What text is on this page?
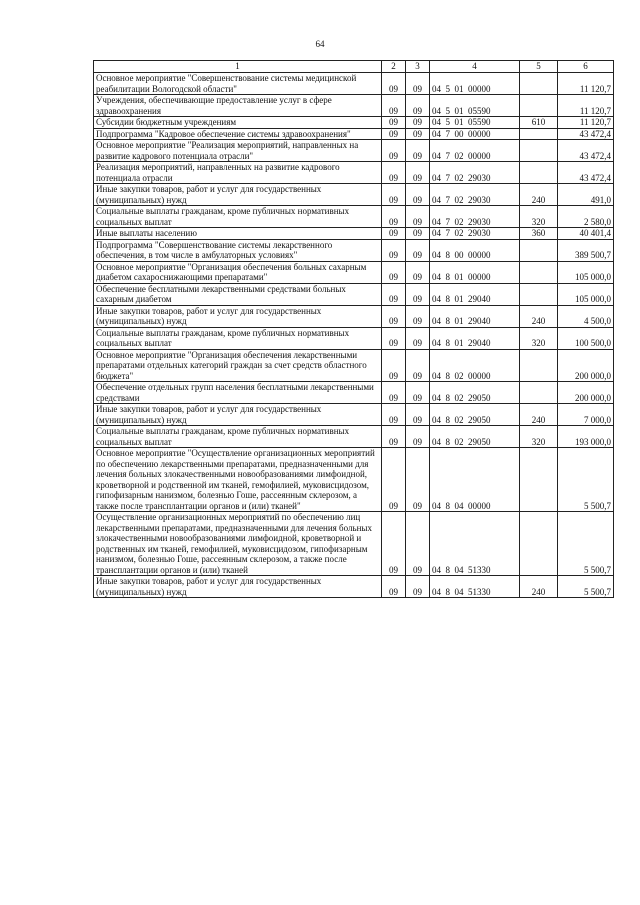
64
1	2	3	4	5	6
Основное мероприятие "Совершенствование системы медицинской реабилитации Вологодской области"	09	09	04  5  01  00000		11 120,7
Учреждения, обеспечивающие предоставление услуг в сфере здравоохранения	09	09	04  5  01  05590		11 120,7
Субсидии бюджетным учреждениям	09	09	04  5  01  05590	610	11 120,7
Подпрограмма "Кадровое обеспечение системы здравоохранения"	09	09	04  7  00  00000		43 472,4
Основное мероприятие "Реализация мероприятий, направленных на развитие кадрового потенциала отрасли"	09	09	04  7  02  00000		43 472,4
Реализация мероприятий, направленных на развитие кадрового потенциала отрасли	09	09	04  7  02  29030		43 472,4
Иные закупки товаров, работ и услуг для государственных (муниципальных) нужд	09	09	04  7  02  29030	240	491,0
Социальные выплаты гражданам, кроме публичных нормативных социальных выплат	09	09	04  7  02  29030	320	2 580,0
Иные выплаты населению	09	09	04  7  02  29030	360	40 401,4
Подпрограмма "Совершенствование системы лекарственного обеспечения, в том числе в амбулаторных условиях"	09	09	04  8  00  00000		389 500,7
Основное мероприятие "Организация обеспечения больных сахарным диабетом сахароснижающими препаратами"	09	09	04  8  01  00000		105 000,0
Обеспечение бесплатными лекарственными средствами больных сахарным диабетом	09	09	04  8  01  29040		105 000,0
Иные закупки товаров, работ и услуг для государственных (муниципальных) нужд	09	09	04  8  01  29040	240	4 500,0
Социальные выплаты гражданам, кроме публичных нормативных социальных выплат	09	09	04  8  01  29040	320	100 500,0
Основное мероприятие "Организация обеспечения лекарственными препаратами отдельных категорий граждан за счет средств областного бюджета"	09	09	04  8  02  00000		200 000,0
Обеспечение отдельных групп населения бесплатными лекарственными средствами	09	09	04  8  02  29050		200 000,0
Иные закупки товаров, работ и услуг для государственных (муниципальных) нужд	09	09	04  8  02  29050	240	7 000,0
Социальные выплаты гражданам, кроме публичных нормативных социальных выплат	09	09	04  8  02  29050	320	193 000,0
Основное мероприятие "Осуществление организационных мероприятий по обеспечению лекарственными препаратами, предназначенными для лечения больных злокачественными новообразованиями лимфоидной, кроветворной и родственной им тканей, гемофилией, муковисцидозом, гипофизарным нанизмом, болезнью Гоше, рассеянным склерозом, а также после трансплантации органов и (или) тканей"	09	09	04  8  04  00000		5 500,7
Осуществление организационных мероприятий по обеспечению лиц лекарственными препаратами, предназначенными для лечения больных злокачественными новообразованиями лимфоидной, кроветворной и родственных им тканей, гемофилией, муковисцидозом, гипофизарным нанизмом, болезнью Гоше, рассеянным склерозом, а также после трансплантации органов и (или) тканей	09	09	04  8  04  51330		5 500,7
Иные закупки товаров, работ и услуг для государственных (муниципальных) нужд	09	09	04  8  04  51330	240	5 500,7
